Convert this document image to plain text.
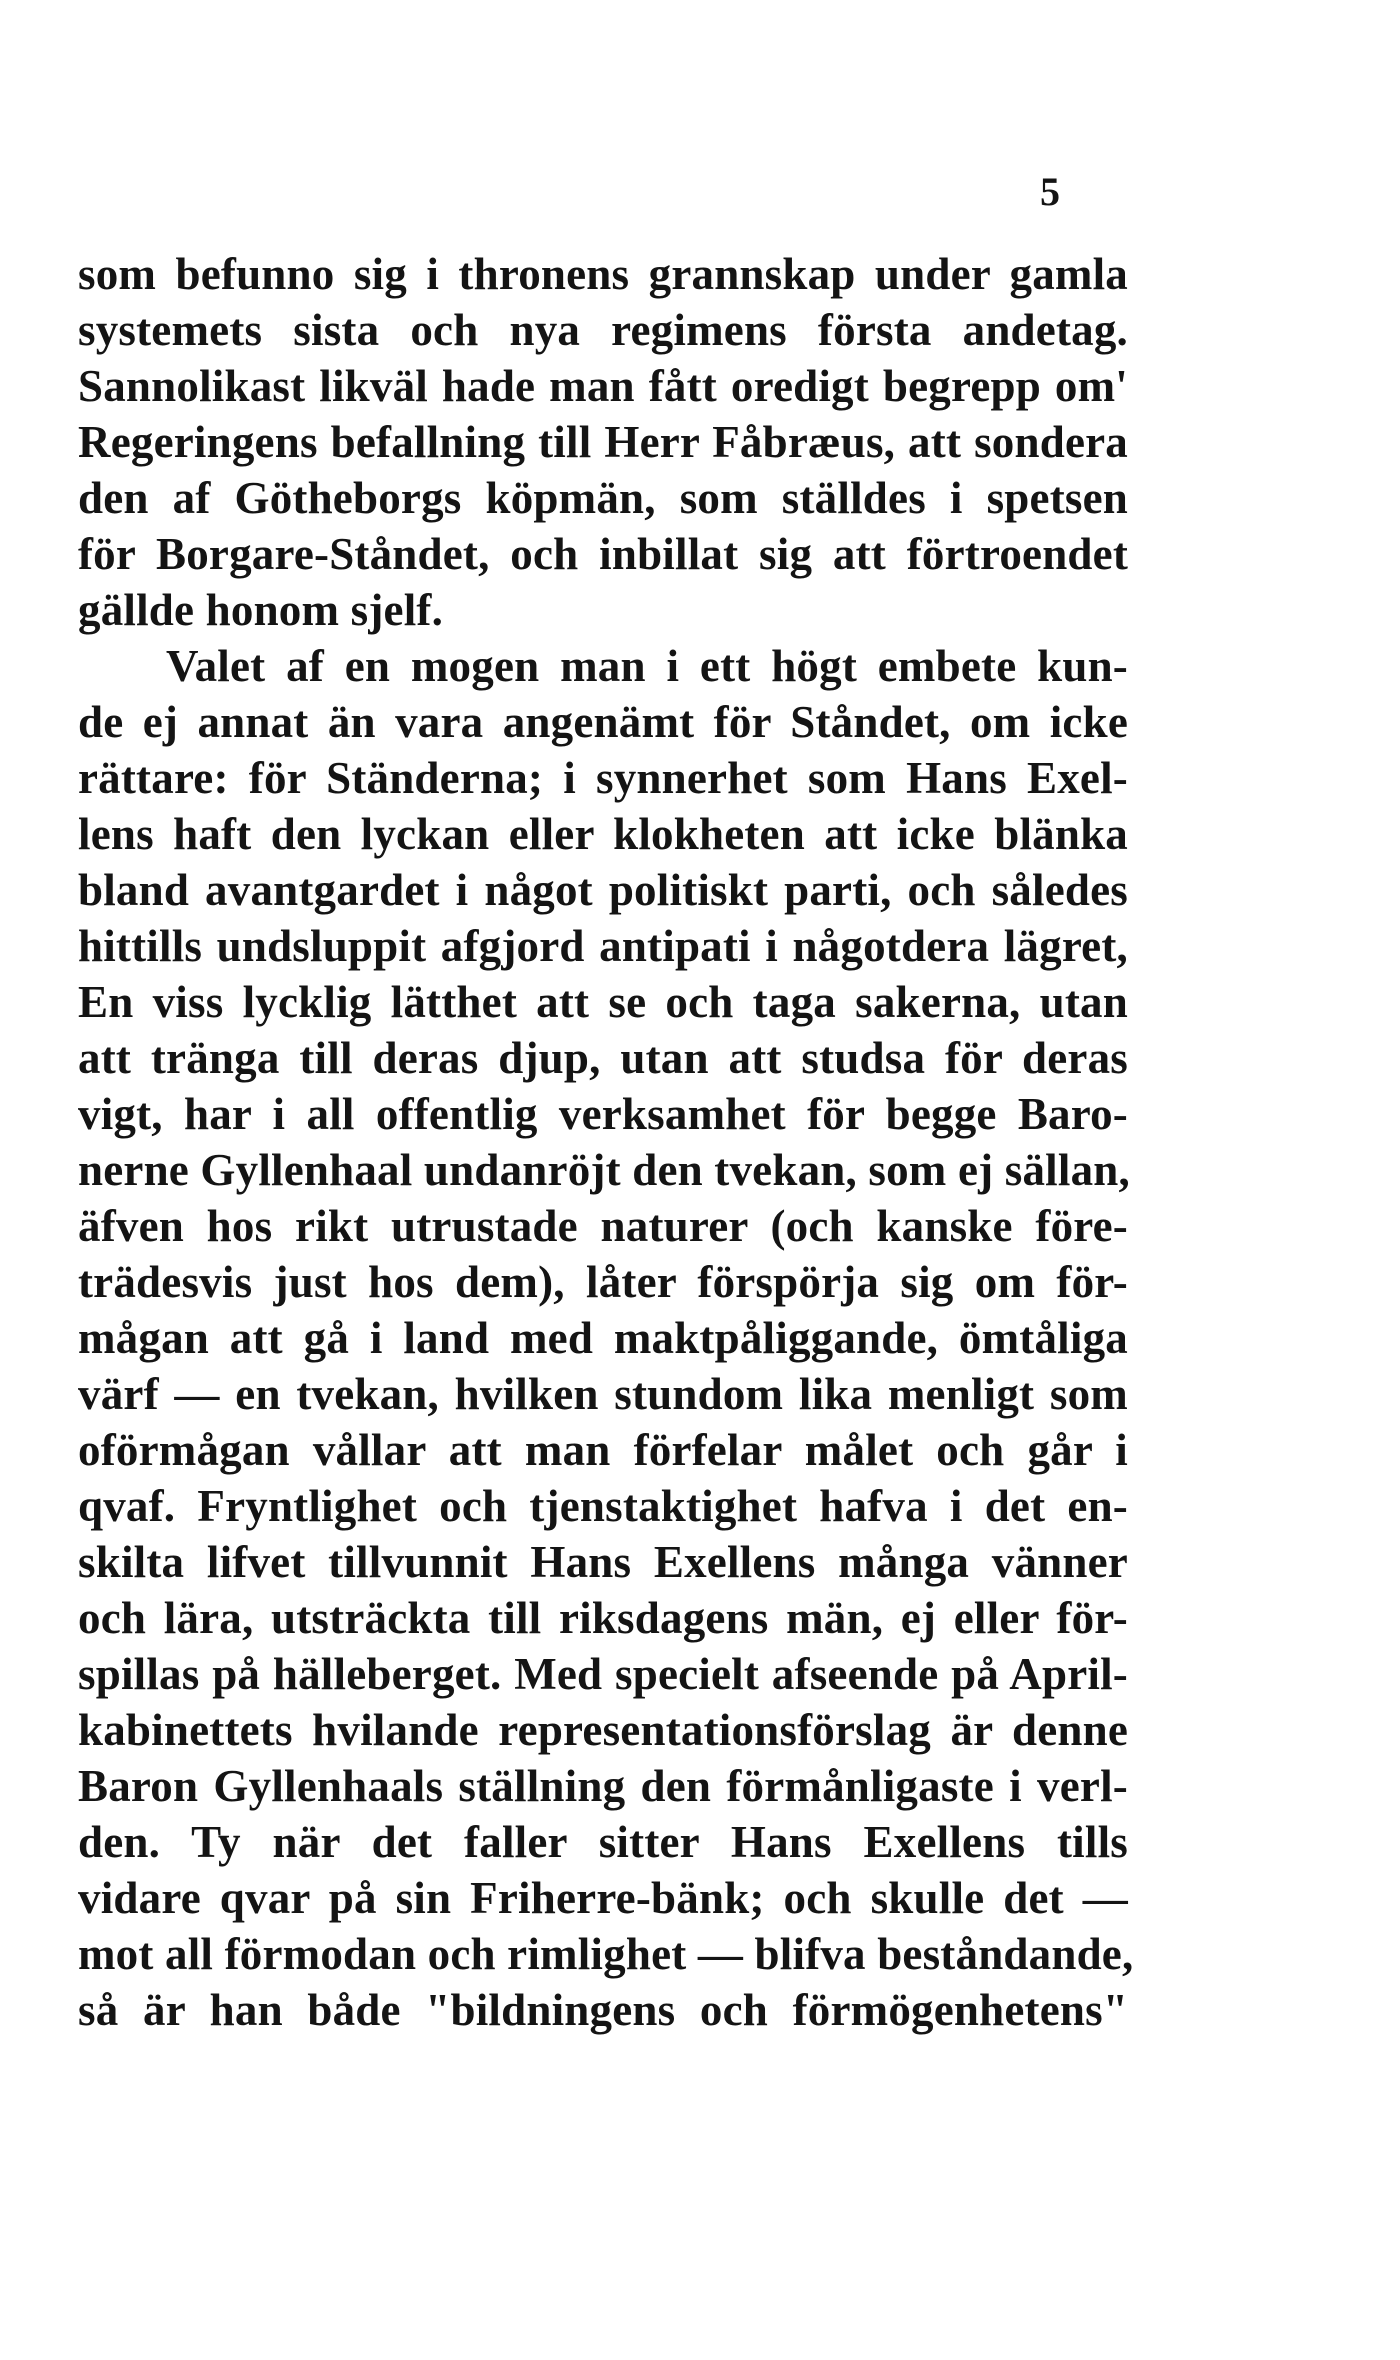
5
som befunno sig i thronens grannskap under gamla
systemets sista och nya regimens första andetag.
Sannolikast likväl hade man fått oredigt begrepp om'
Regeringens befallning till Herr Fåbræus, att sondera
den af Götheborgs köpmän, som ställdes i spetsen
för Borgare-Ståndet, och inbillat sig att förtroendet
gällde honom sjelf.
Valet af en mogen man i ett högt embete kun-
de ej annat än vara angenämt för Ståndet, om icke
rättare: för Ständerna; i synnerhet som Hans Exel-
lens haft den lyckan eller klokheten att icke blänka
bland avantgardet i något politiskt parti, och således
hittills undsluppit afgjord antipati i någotdera lägret,
En viss lycklig lätthet att se och taga sakerna, utan
att tränga till deras djup, utan att studsa för deras
vigt, har i all offentlig verksamhet för begge Baro-
nerne Gyllenhaal undanröjt den tvekan, som ej sällan,
äfven hos rikt utrustade naturer (och kanske före-
trädesvis just hos dem), låter förspörja sig om för-
mågan att gå i land med maktpåliggande, ömtåliga
värf — en tvekan, hvilken stundom lika menligt som
oförmågan vållar att man förfelar målet och går i
qvaf. Fryntlighet och tjenstaktighet hafva i det en-
skilta lifvet tillvunnit Hans Exellens många vänner
och lära, utsträckta till riksdagens män, ej eller för-
spillas på hälleberget. Med specielt afseende på April-
kabinettets hvilande representationsförslag är denne
Baron Gyllenhaals ställning den förmånligaste i verl-
den. Ty när det faller sitter Hans Exellens tills
vidare qvar på sin Friherre-bänk; och skulle det —
mot all förmodan och rimlighet — blifva beståndande,
så är han både "bildningens och förmögenhetens"
